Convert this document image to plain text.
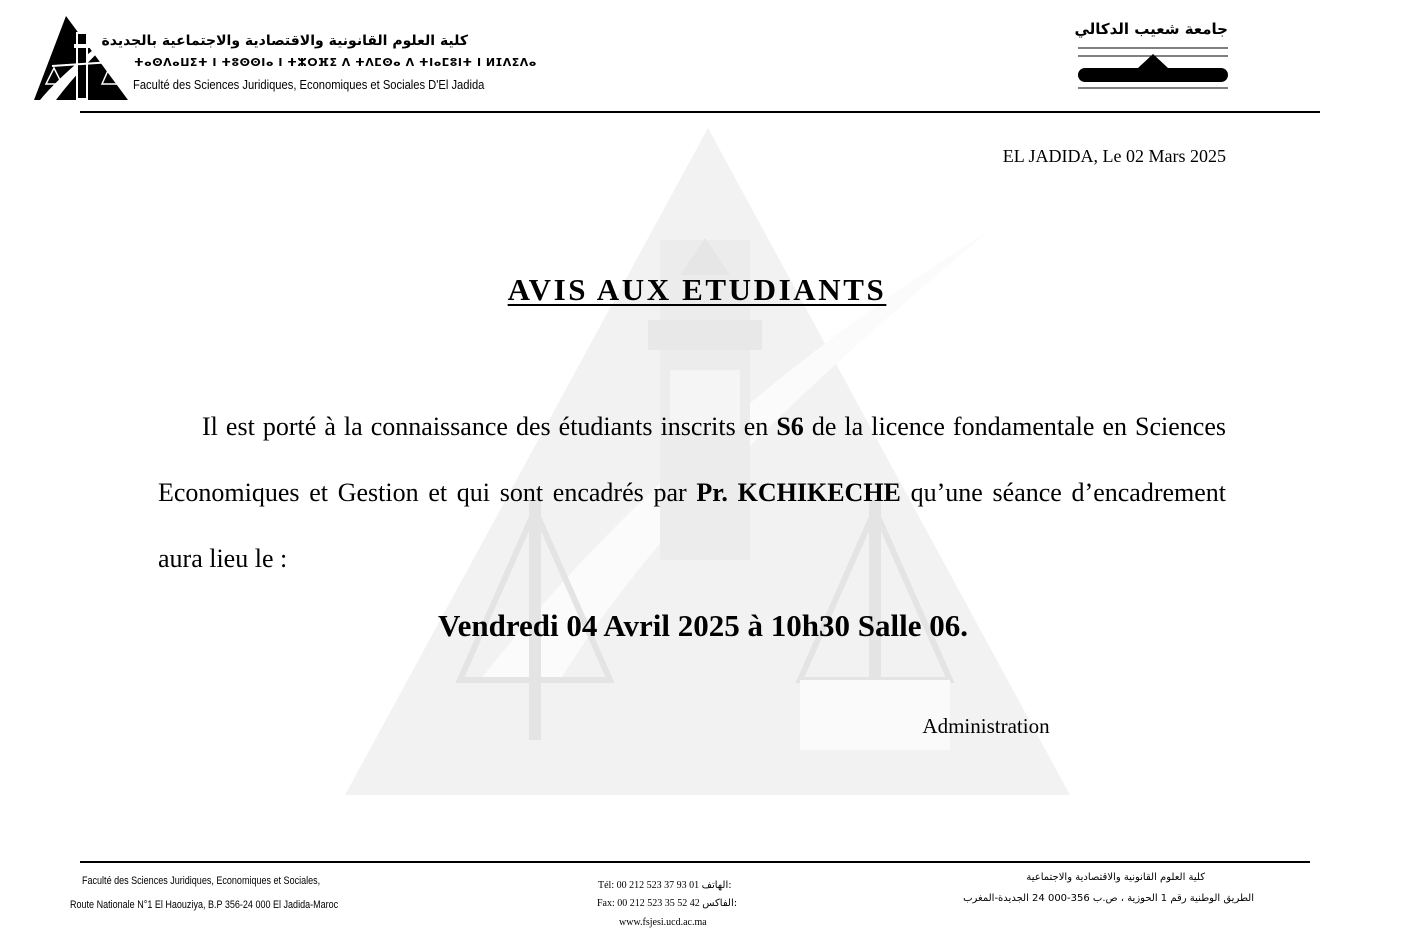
كلية العلوم القانونية والاقتصادية والاجتماعية بالجديدة
ⵜⴰⵙⴷⴰⵡⵉⵜ ⵏ ⵜⵓⵙⵙⵏⴰ ⵏ ⵜⵣⵔⴼⵉ ⴷ ⵜⴷⵎⵙⴰ ⴷ ⵜⵏⴰⵎⵓⵏⵜ ⵏ ⵍⵊⴷⵉⴷⴰ
Faculté des Sciences Juridiques, Economiques et Sociales D'El Jadida
جامعة شعيب الدكالي
EL JADIDA, Le 02 Mars 2025
AVIS AUX ETUDIANTS
Il est porté à la connaissance des étudiants inscrits en S6 de la licence fondamentale en Sciences Economiques et Gestion et qui sont encadrés par Pr. KCHIKECHE qu’une séance d’encadrement aura lieu le :
Vendredi 04 Avril 2025 à 10h30 Salle 06.
Administration
Faculté des Sciences Juridiques, Economiques et Sociales,
Route Nationale N°1 El Haouziya, B.P 356-24 000 El Jadida-Maroc
Tél: 00 212 523 37 93 01 الهاتف:
Fax: 00 212 523 35 52 42 الفاكس:
www.fsjesi.ucd.ac.ma
كلية العلوم القانونية والاقتصادية والاجتماعية
الطريق الوطنية رقم 1 الحوزية ، ص.ب 356-000 24 الجديدة-المغرب
